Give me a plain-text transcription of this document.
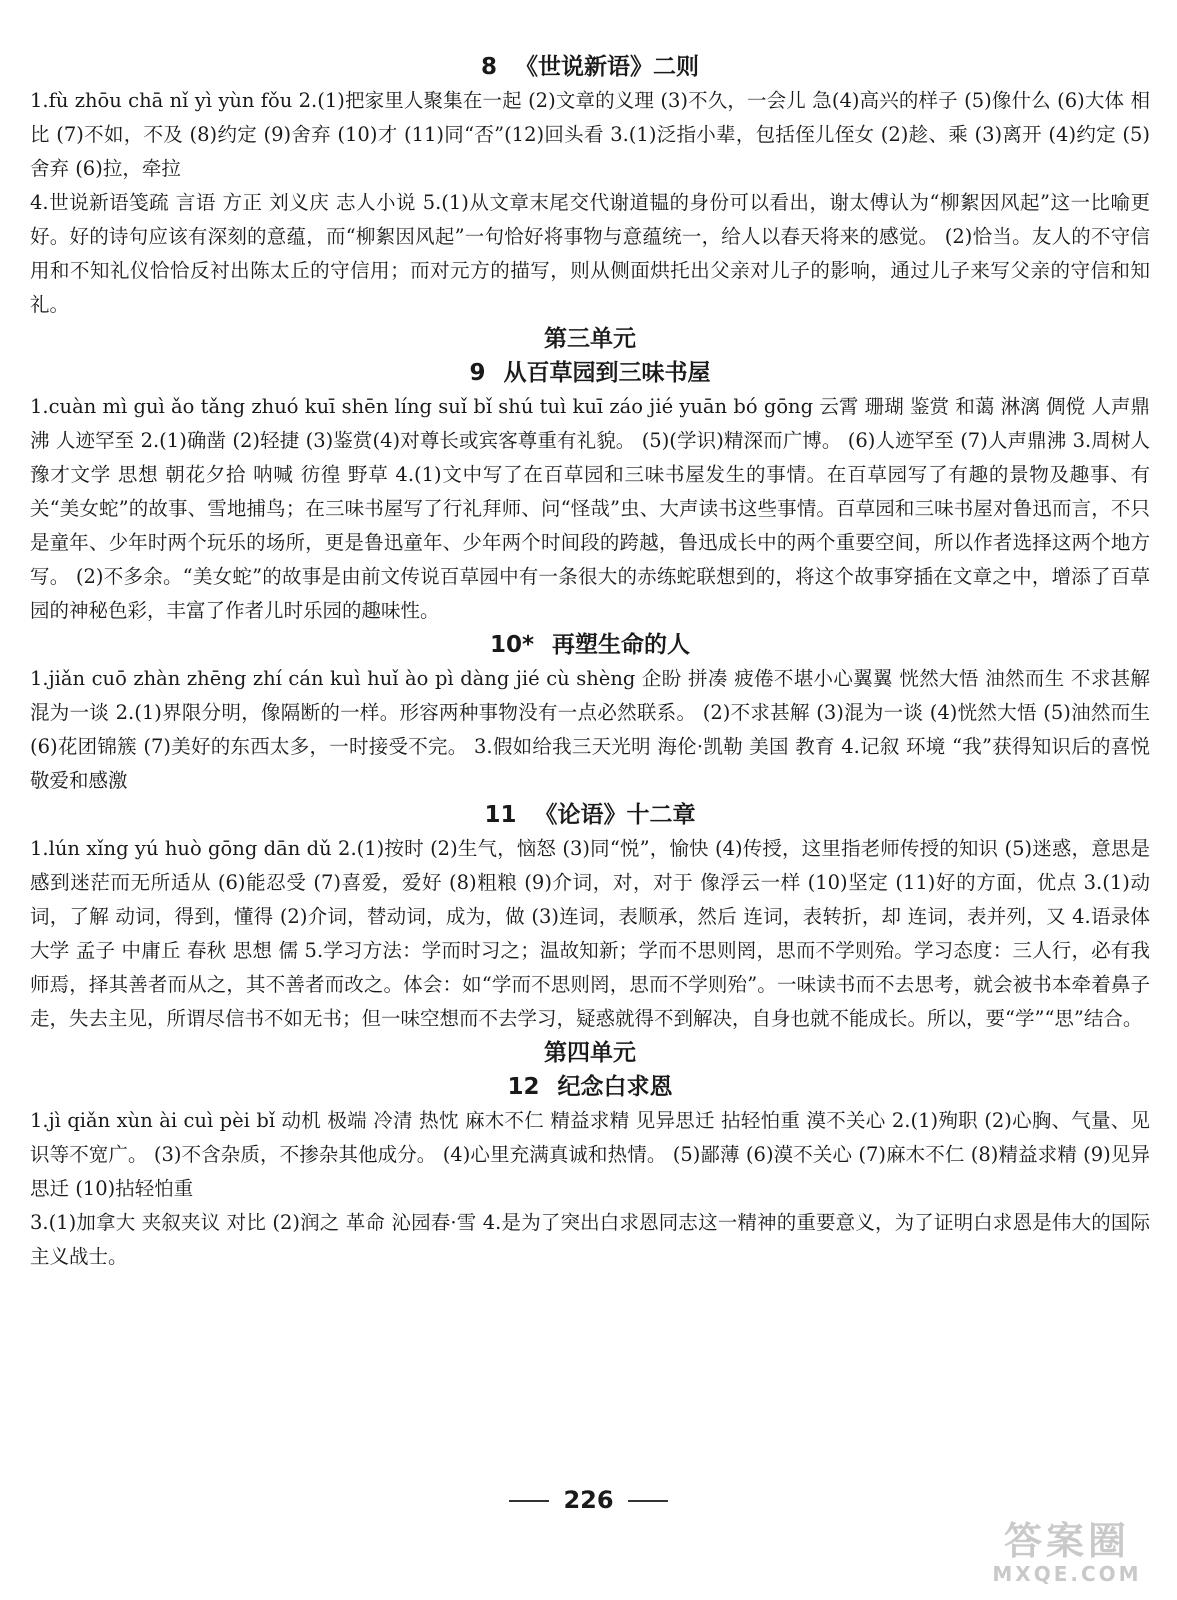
8 《世说新语》二则

1.fù zhōu chā nǐ yì yùn fǒu 2.(1)把家里人聚集在一起 (2)文章的义理 (3)不久，一会儿 急(4)高兴的样子 (5)像什么 (6)大体 相比 (7)不如，不及 (8)约定 (9)舍弃 (10)才 (11)同“否”(12)回头看 3.(1)泛指小辈，包括侄儿侄女 (2)趁、乘 (3)离开 (4)约定 (5)舍弃 (6)拉，牵拉

4.世说新语笺疏 言语 方正 刘义庆 志人小说 5.(1)从文章末尾交代谢道韫的身份可以看出，谢太傅认为“柳絮因风起”这一比喻更好。好的诗句应该有深刻的意蕴，而“柳絮因风起”一句恰好将事物与意蕴统一，给人以春天将来的感觉。 (2)恰当。友人的不守信用和不知礼仪恰恰反衬出陈太丘的守信用；而对元方的描写，则从侧面烘托出父亲对儿子的影响，通过儿子来写父亲的守信和知礼。

第三单元
9 从百草园到三味书屋

1.cuàn mì guì ǎo tǎng zhuó kuī shēn líng suǐ bǐ shú tuì kuī záo jié yuān bó gōng 云霄 珊瑚 鉴赏 和蔼 淋漓 倜傥 人声鼎沸 人迹罕至 2.(1)确凿 (2)轻捷 (3)鉴赏(4)对尊长或宾客尊重有礼貌。 (5)(学识)精深而广博。 (6)人迹罕至 (7)人声鼎沸 3.周树人 豫才文学 思想 朝花夕拾 呐喊 彷徨 野草 4.(1)文中写了在百草园和三味书屋发生的事情。在百草园写了有趣的景物及趣事、有关“美女蛇”的故事、雪地捕鸟；在三味书屋写了行礼拜师、问“怪哉”虫、大声读书这些事情。百草园和三味书屋对鲁迅而言，不只是童年、少年时两个玩乐的场所，更是鲁迅童年、少年两个时间段的跨越，鲁迅成长中的两个重要空间，所以作者选择这两个地方写。 (2)不多余。“美女蛇”的故事是由前文传说百草园中有一条很大的赤练蛇联想到的，将这个故事穿插在文章之中，增添了百草园的神秘色彩，丰富了作者儿时乐园的趣味性。

10* 再塑生命的人

1.jiǎn cuō zhàn zhēng zhí cán kuì huǐ ào pì dàng jié cù shèng 企盼 拼凑 疲倦不堪小心翼翼 恍然大悟 油然而生 不求甚解 混为一谈 2.(1)界限分明，像隔断的一样。形容两种事物没有一点必然联系。 (2)不求甚解 (3)混为一谈 (4)恍然大悟 (5)油然而生 (6)花团锦簇 (7)美好的东西太多，一时接受不完。 3.假如给我三天光明 海伦·凯勒 美国 教育 4.记叙 环境 “我”获得知识后的喜悦 敬爱和感激

11 《论语》十二章

1.lún xǐng yú huò gōng dān dǔ 2.(1)按时 (2)生气，恼怒 (3)同“悦”，愉快 (4)传授，这里指老师传授的知识 (5)迷惑，意思是感到迷茫而无所适从 (6)能忍受 (7)喜爱，爱好 (8)粗粮 (9)介词，对，对于 像浮云一样 (10)坚定 (11)好的方面，优点 3.(1)动词，了解 动词，得到，懂得 (2)介词，替动词，成为，做 (3)连词，表顺承，然后 连词，表转折，却 连词，表并列，又 4.语录体 大学 孟子 中庸丘 春秋 思想 儒 5.学习方法：学而时习之；温故知新；学而不思则罔，思而不学则殆。学习态度：三人行，必有我师焉，择其善者而从之，其不善者而改之。体会：如“学而不思则罔，思而不学则殆”。一味读书而不去思考，就会被书本牵着鼻子走，失去主见，所谓尽信书不如无书；但一味空想而不去学习，疑惑就得不到解决，自身也就不能成长。所以，要“学”“思”结合。

第四单元
12 纪念白求恩

1.jì qiǎn xùn ài cuì pèi bǐ 动机 极端 冷清 热忱 麻木不仁 精益求精 见异思迁 拈轻怕重 漠不关心 2.(1)殉职 (2)心胸、气量、见识等不宽广。 (3)不含杂质，不掺杂其他成分。 (4)心里充满真诚和热情。 (5)鄙薄 (6)漠不关心 (7)麻木不仁 (8)精益求精 (9)见异思迁 (10)拈轻怕重

3.(1)加拿大 夹叙夹议 对比 (2)润之 革命 沁园春·雪 4.是为了突出白求恩同志这一精神的重要意义，为了证明白求恩是伟大的国际主义战士。

226
答案圈
MXQE.COM
